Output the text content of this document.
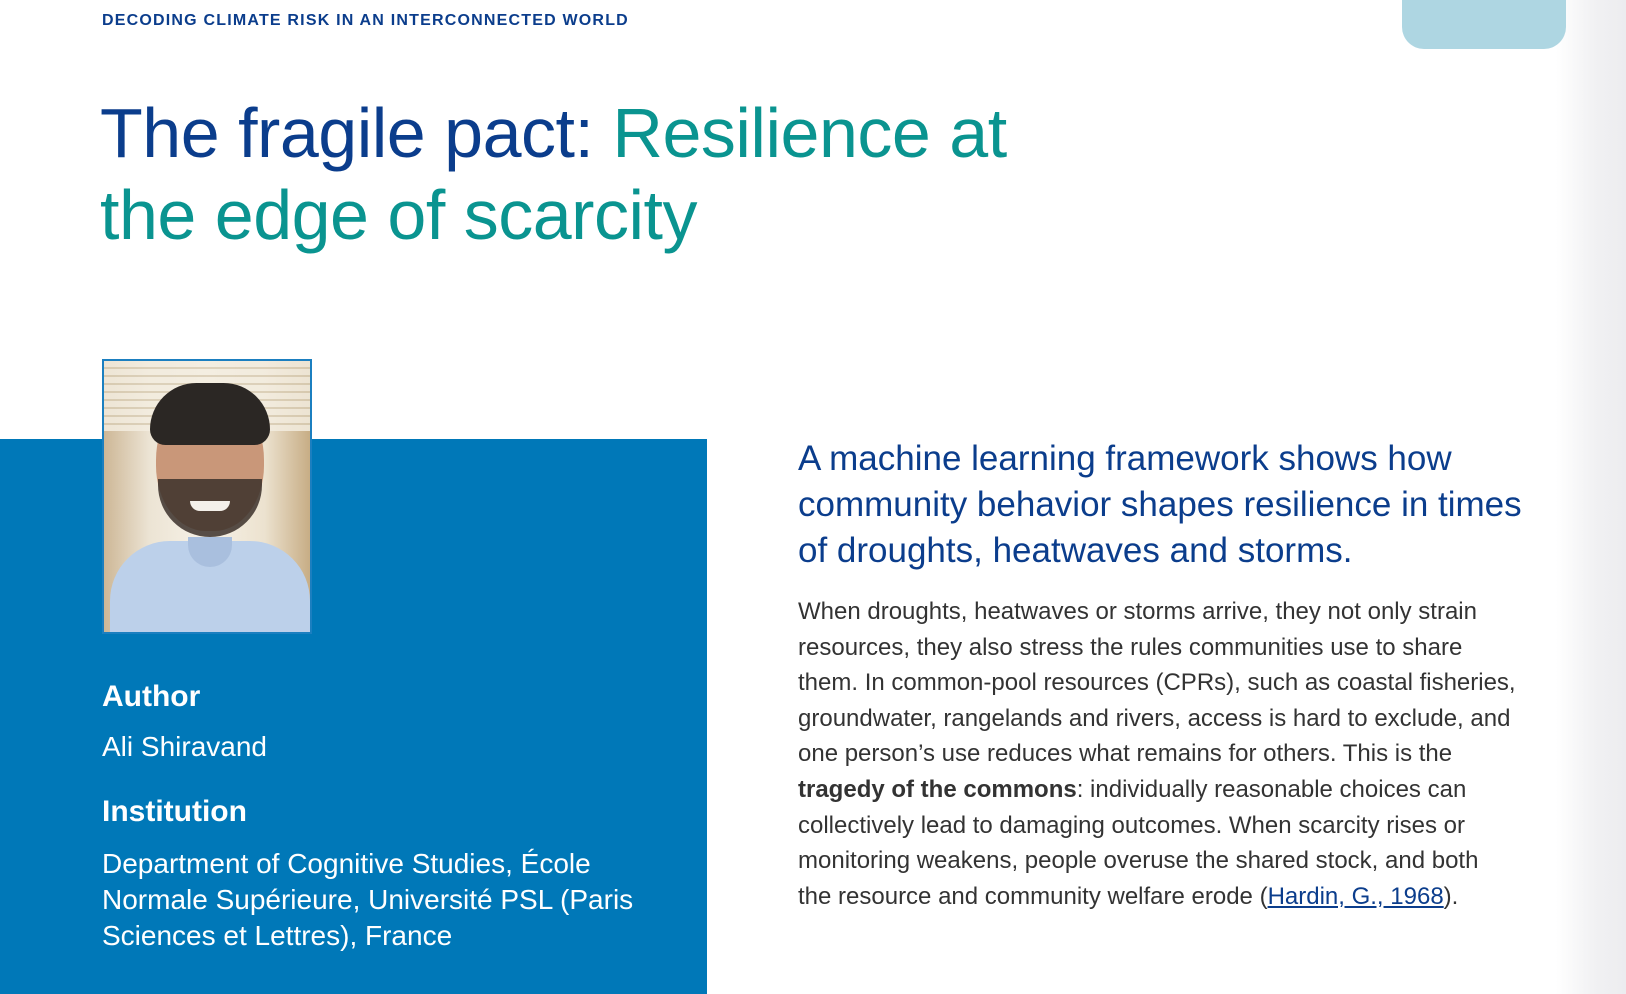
DECODING CLIMATE RISK IN AN INTERCONNECTED WORLD
The fragile pact: Resilience at the edge of scarcity

Author

Ali Shiravand

Institution

Department of Cognitive Studies, École Normale Supérieure, Université PSL (Paris Sciences et Lettres), France

A machine learning framework shows how community behavior shapes resilience in times of droughts, heatwaves and storms.

When droughts, heatwaves or storms arrive, they not only strain resources, they also stress the rules communities use to share them. In common-pool resources (CPRs), such as coastal fisheries, groundwater, rangelands and rivers, access is hard to exclude, and one person’s use reduces what remains for others. This is the tragedy of the commons: individually reasonable choices can collectively lead to damaging outcomes. When scarcity rises or monitoring weakens, people overuse the shared stock, and both the resource and community welfare erode (Hardin, G., 1968).
